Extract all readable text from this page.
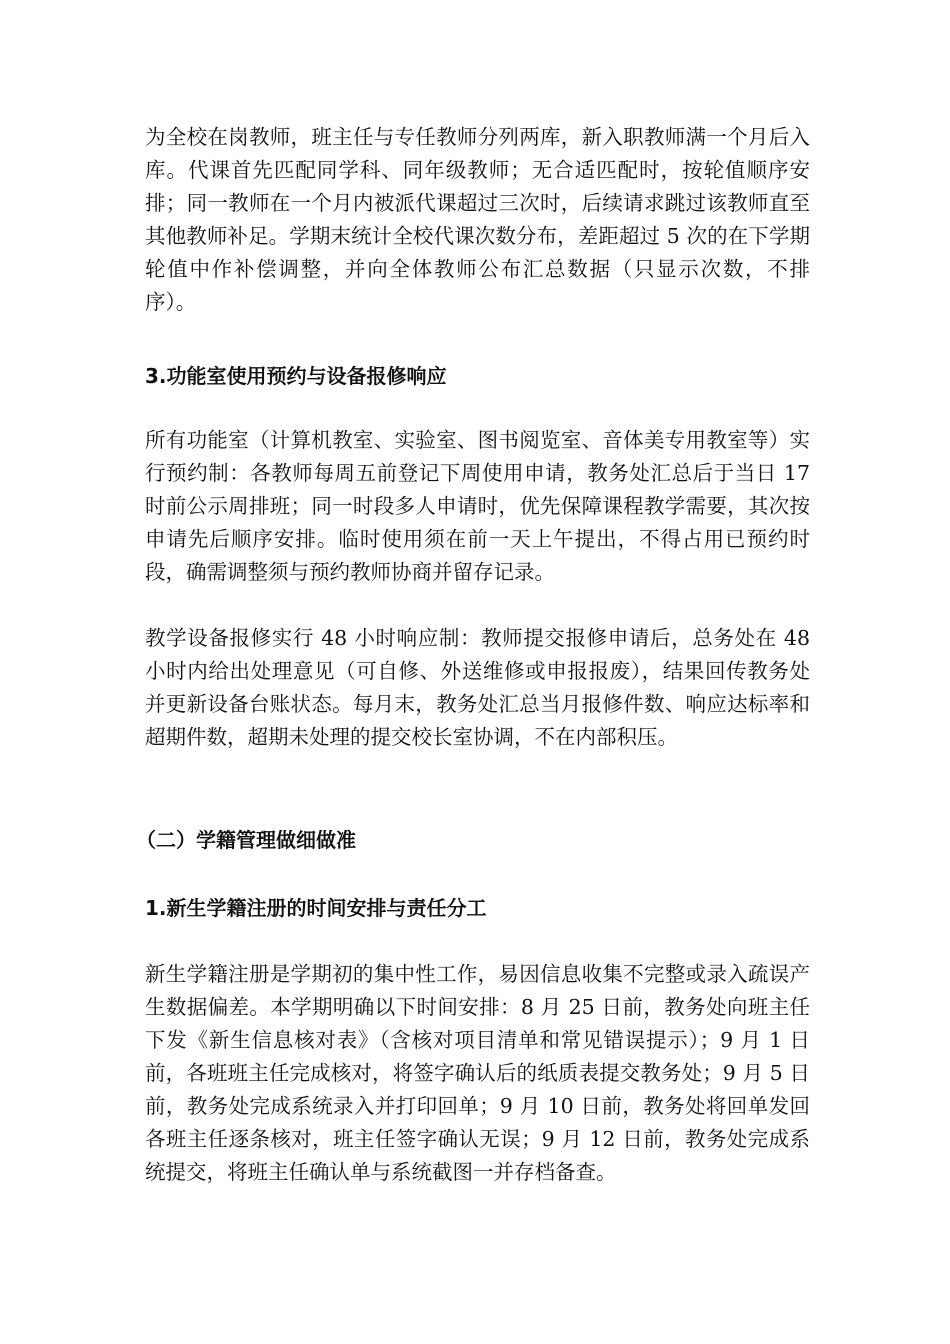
为全校在岗教师，班主任与专任教师分列两库，新入职教师满一个月后入库。代课首先匹配同学科、同年级教师；无合适匹配时，按轮值顺序安排；同一教师在一个月内被派代课超过三次时，后续请求跳过该教师直至其他教师补足。学期末统计全校代课次数分布，差距超过 5 次的在下学期轮值中作补偿调整，并向全体教师公布汇总数据（只显示次数，不排序）。

3.功能室使用预约与设备报修响应

所有功能室（计算机教室、实验室、图书阅览室、音体美专用教室等）实行预约制：各教师每周五前登记下周使用申请，教务处汇总后于当日 17 时前公示周排班；同一时段多人申请时，优先保障课程教学需要，其次按申请先后顺序安排。临时使用须在前一天上午提出，不得占用已预约时段，确需调整须与预约教师协商并留存记录。

教学设备报修实行 48 小时响应制：教师提交报修申请后，总务处在 48 小时内给出处理意见（可自修、外送维修或申报报废），结果回传教务处并更新设备台账状态。每月末，教务处汇总当月报修件数、响应达标率和超期件数，超期未处理的提交校长室协调，不在内部积压。

（二）学籍管理做细做准
1.新生学籍注册的时间安排与责任分工

新生学籍注册是学期初的集中性工作，易因信息收集不完整或录入疏误产生数据偏差。本学期明确以下时间安排：8 月 25 日前，教务处向班主任下发《新生信息核对表》（含核对项目清单和常见错误提示）；9 月 1 日前，各班班主任完成核对，将签字确认后的纸质表提交教务处；9 月 5 日前，教务处完成系统录入并打印回单；9 月 10 日前，教务处将回单发回各班主任逐条核对，班主任签字确认无误；9 月 12 日前，教务处完成系统提交，将班主任确认单与系统截图一并存档备查。
